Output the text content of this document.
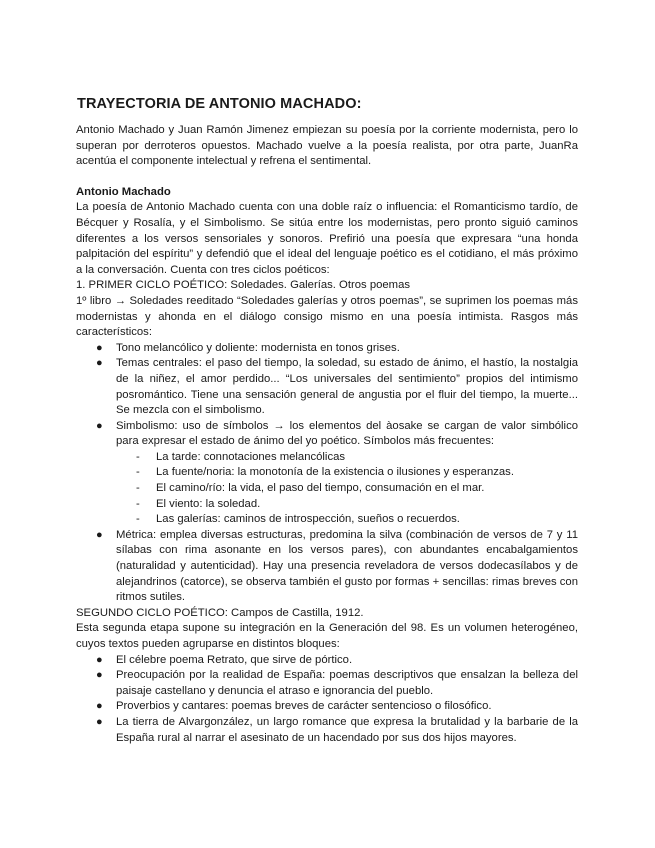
TRAYECTORIA DE ANTONIO MACHADO:

Antonio Machado y Juan Ramón Jimenez empiezan su poesía por la corriente modernista, pero lo superan por derroteros opuestos. Machado vuelve a la poesía realista, por otra parte, JuanRa acentúa el componente intelectual y refrena el sentimental.

Antonio Machado

La poesía de Antonio Machado cuenta con una doble raíz o influencia: el Romanticismo tardío, de Bécquer y Rosalía, y el Simbolismo. Se sitúa entre los modernistas, pero pronto siguió caminos diferentes a los versos sensoriales y sonoros. Prefirió una poesía que expresara “una honda palpitación del espíritu” y defendió que el ideal del lenguaje poético es el cotidiano, el más próximo a la conversación. Cuenta con tres ciclos poéticos:

1. PRIMER CICLO POÉTICO: Soledades. Galerías. Otros poemas

1º libro → Soledades reeditado “Soledades galerías y otros poemas”, se suprimen los poemas más modernistas y ahonda en el diálogo consigo mismo en una poesía intimista. Rasgos más característicos:

● Tono melancólico y doliente: modernista en tonos grises.
● Temas centrales: el paso del tiempo, la soledad, su estado de ánimo, el hastío, la nostalgia de la niñez, el amor perdido... “Los universales del sentimiento” propios del intimismo posromántico. Tiene una sensación general de angustia por el fluir del tiempo, la muerte... Se mezcla con el simbolismo.
● Simbolismo: uso de símbolos → los elementos del àosake se cargan de valor simbólico para expresar el estado de ánimo del yo poético. Símbolos más frecuentes:
- La tarde: connotaciones melancólicas
- La fuente/noria: la monotonía de la existencia o ilusiones y esperanzas.
- El camino/río: la vida, el paso del tiempo, consumación en el mar.
- El viento: la soledad.
- Las galerías: caminos de introspección, sueños o recuerdos.
● Métrica: emplea diversas estructuras, predomina la silva (combinación de versos de 7 y 11 sílabas con rima asonante en los versos pares), con abundantes encabalgamientos (naturalidad y autenticidad). Hay una presencia reveladora de versos dodecasílabos y de alejandrinos (catorce), se observa también el gusto por formas + sencillas: rimas breves con ritmos sutiles.

SEGUNDO CICLO POÉTICO: Campos de Castilla, 1912.

Esta segunda etapa supone su integración en la Generación del 98. Es un volumen heterogéneo, cuyos textos pueden agruparse en distintos bloques:

● El célebre poema Retrato, que sirve de pórtico.
● Preocupación por la realidad de España: poemas descriptivos que ensalzan la belleza del paisaje castellano y denuncia el atraso e ignorancia del pueblo.
● Proverbios y cantares: poemas breves de carácter sentencioso o filosófico.
● La tierra de Alvargonzález, un largo romance que expresa la brutalidad y la barbarie de la España rural al narrar el asesinato de un hacendado por sus dos hijos mayores.
